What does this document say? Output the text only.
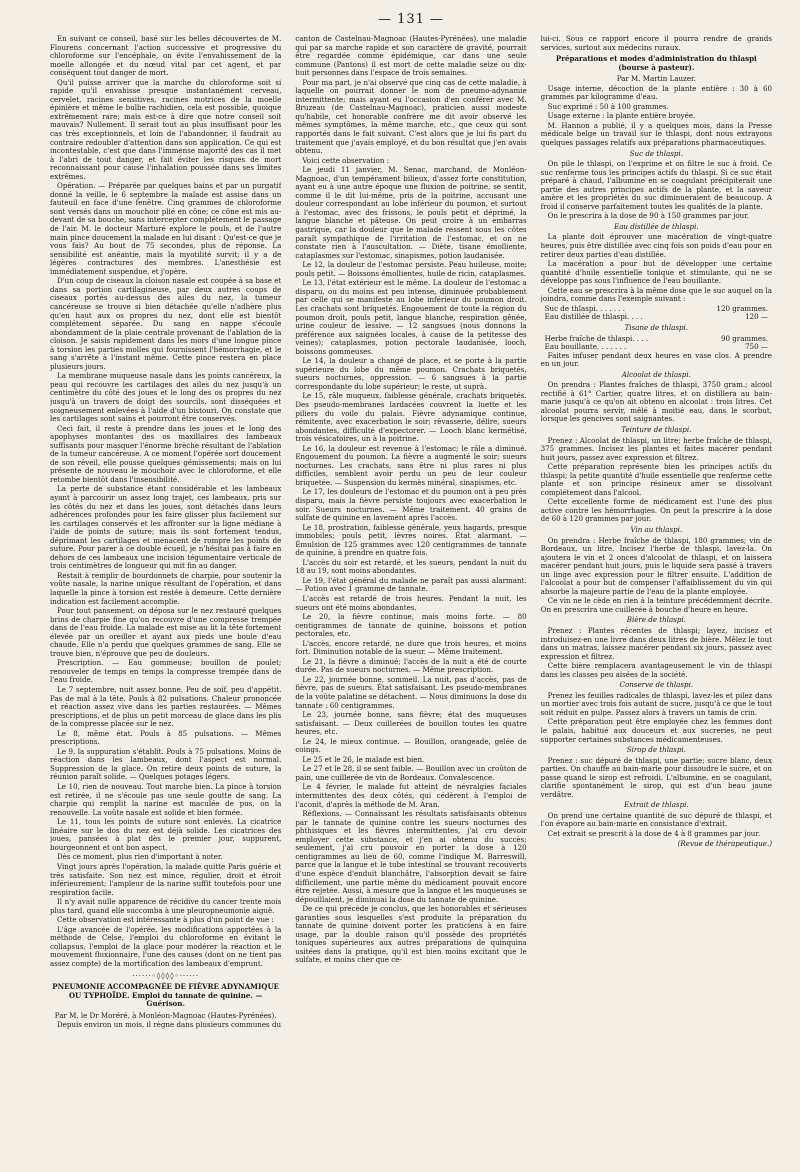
— 131 —

En suivant ce conseil, basé sur les belles découvertes de M. Flourens concernant l'action successive et progressive du chloroforme sur l'encéphale, on évite l'envahissement de la moelle allongée et du nœud vital par cet agent, et par conséquent tout danger de mort.

Qu'il puisse arriver que la marche du chloroforme soit si rapide qu'il envahisse presque instantanément cerveau, cervelet, racines sensitives, racines motrices de la moelle épinière et même le bulbe rachidien, cela est possible, quoique extrêmement rare; mais est-ce à dire que notre conseil soit mauvais? Nullement. Il serait tout au plus insuffisant pour les cas très exceptionnels, et loin de l'abandonner, il faudrait au contraire redoubler d'attention dans son application. Ce qui est incontestable, c'est que dans l'immense majorité des cas il met à l'abri de tout danger, et fait éviter les risques de mort reconnaissant pour cause l'inhalation poussée dans ses limites extrêmes.

Opération. — Préparée par quelques bains et par un purgatif donné la veille, le 6 septembre la malade est assise dans un fauteuil en face d'une fenêtre. Cinq grammes de chloroforme sont versés dans un mouchoir plié en cône; ce cône est mis au-devant de sa bouche, sans intercepter complétement le passage de l'air. M. le docteur Marturé explore le pouls, et de l'autre main pince doucement la malade en lui disant : Qu'est-ce que je vous fais? Au bout de 75 secondes, plus de réponse. La sensibilité est anéantie, mais la myotilité survit; il y a de légères contractures des membres. L'anesthésie est immédiatement suspendue, et j'opère.

D'un coup de ciseaux la cloison nasale est coupée à sa base et dans sa portion cartilagineuse, par deux autres coups de ciseaux portés au-dessus des ailes du nez, la tumeur cancéreuse se trouve si bien détachée qu'elle n'adhère plus qu'en haut aux os propres du nez, dont elle est bientôt complétement séparée. Du sang en nappe s'écoule abondamment de la plaie centrale provenant de l'ablation de la cloison. Je saisis rapidement dans les mors d'une longue pince à torsion les parties molles qui fournissent l'hémorrhagie, et le sang s'arrête à l'instant même. Cette pince restera en place plusieurs jours.

La membrane muqueuse nasale dans les points cancéreux, la peau qui recouvre les cartilages des ailes du nez jusqu'à un centimètre du côté des joues et le long des os propres du nez jusqu'à un travers de doigt des sourcils, sont disséquées et soigneusement enlevées à l'aide d'un bistouri. On constate que les cartilages sont sains et pourront être conservés.

Ceci fait, il reste à prendre dans les joues et le long des apophyses montantes des os maxillaires des lambeaux suffisants pour masquer l'énorme brèche résultant de l'ablation de la tumeur cancéreuse. A ce moment l'opérée sort doucement de son réveil, elle pousse quelques gémissements; mais on lui présente de nouveau le mouchoir avec le chloroforme, et elle retombe bientôt dans l'insensibilité.

La perte de substance étant considérable et les lambeaux ayant à parcourir un assez long trajet, ces lambeaux, pris sur les côtés du nez et dans les joues, sont détachés dans leurs adhérences profondes pour les faire glisser plus facilement sur les cartilages conservés et les affronter sur la ligne médiane à l'aide de points de suture; mais ils sont fortement tendus, déprimant les cartilages et menacent de rompre les points de suture. Pour parer à ce double écueil, je n'hésitai pas à faire en dehors de ces lambeaux une incision tégumentaire verticale de trois centimètres de longueur qui mit fin au danger.

Restait à remplir de bourdonnets de charpie, pour soutenir la voûte nasale, la narine unique résultant de l'opération, et dans laquelle la pince à torsion est restée à demeure. Cette dernière indication est facilement accomplie.

Pour tout pansement, on déposa sur le nez restauré quelques brins de charpie fine qu'on recouvre d'une compresse trempée dans de l'eau froide. La malade est mise au lit la tête fortement élevée par un oreiller et ayant aux pieds une boule d'eau chaude. Elle n'a perdu que quelques grammes de sang. Elle se trouve bien, n'éprouve que peu de douleurs.

Prescription. — Eau gommeuse; bouillon de poulet; renouveler de temps en temps la compresse trempée dans de l'eau froide.

Le 7 septembre, nuit assez bonne. Peu de soif, peu d'appétit. Pas de mal à la tête. Pouls à 82 pulsations. Chaleur prononcée et réaction assez vive dans les parties restaurées. — Mêmes prescriptions, et de plus un petit morceau de glace dans les plis de la compresse placée sur le nez.

Le 8, même état. Pouls à 85 pulsations. — Mêmes prescriptions.

Le 9, la suppuration s'établit. Pouls à 75 pulsations. Moins de réaction dans les lambeaux, dont l'aspect est normal. Suppression de la glace. On retire deux points de suture, la réunion paraît solide. — Quelques potages légers.

Le 10, rien de nouveau. Tout marche bien. La pince à torsion est retirée, il ne s'écoule pas une seule goutte de sang. La charpie qui remplit la narine est maculée de pus, on la renouvelle. La voûte nasale est solide et bien formée.

Le 11, tous les points de suture sont enlevés. La cicatrice linéaire sur le dos du nez est déjà solide. Les cicatrices des joues, pansées à plat dès le premier jour, suppurent, bourgeonnent et ont bon aspect.

Dès ce moment, plus rien d'important à noter.

Vingt jours après l'opération, la malade quitte Paris guérie et très satisfaite. Son nez est mince, régulier, droit et étroit inférieurement; l'ampleur de la narine suffit toutefois pour une respiration facile.

Il n'y avait nulle apparence de récidive du cancer trente mois plus tard, quand elle succomba à une pleuropneumonie aiguë.

Cette observation est intéressante à plus d'un point de vue :

L'âge avancée de l'opérée, les modifications apportées à la méthode de Celse, l'emploi du chloroforme en évitant le collapsus, l'emploi de la glace pour modérer la réaction et le mouvement fluxionnaire, l'une des causes (dont on ne tient pas assez compte) de la mortification des lambeaux d'emprunt.

······◦◊◊◊◊◦······

PNEUMONIE ACCOMPAGNÉE DE FIÈVRE ADYNAMIQUE OU TYPHOÏDE. Emploi du tannate de quinine. — Guérison.

Par M. le Dr Moréré, à Monléon-Magnoac (Hautes-Pyrénées).

Depuis environ un mois, il règne dans plusieurs communes du

canton de Castelnau-Magnoac (Hautes-Pyrénées), une maladie qui par sa marche rapide et son caractère de gravité, pourrait être regardée comme épidémique, car dans une seule commune (Pantons) il est mort de cette maladie seize ou dix-huit personnes dans l'espace de trois semaines.

Pour ma part, je n'ai observé que cinq cas de cette maladie, à laquelle on pourrait donner le nom de pneumo-adynamie intermittente; mais ayant eu l'occasion d'en conférer avec M. Bruzeau (de Castelnau-Magnoac), praticien aussi modeste qu'habile, cet honorable confrère me dit avoir observé les mêmes symptômes, la même marche, etc., que ceux qui sont rapportés dans le fait suivant. C'est alors que je lui fis part du traitement que j'avais employé, et du bon résultat que j'en avais obtenu.

Voici cette observation :

Le jeudi 11 janvier, M. Senac, marchand, de Monléon-Magnoac, d'un tempérament bilieux, d'assez forte constitution, ayant eu à une autre époque une fluxion de poitrine, se sentit, comme il le dit lui-même, pris de la poitrine, accusant une douleur correspondant au lobe inférieur du poumon, et surtout à l'estomac, avec des frissons, le pouls petit et déprimé, la langue blanche et pâteuse. On peut croire à un embarras gastrique, car la douleur que le malade ressent sous les côtes paraît sympathique de l'irritation de l'estomac, et on ne constate rien à l'auscultation. — Diète, tisane émolliente, cataplasmes sur l'estomac, sinapismes, potion laudanisée.

Le 12, la douleur de l'estomac persiste. Peau huileuse, moite; pouls petit. — Boissons émollientes, huile de ricin, cataplasmes.

Le 13, l'état extérieur est le même. La douleur de l'estomac a disparu, ou du moins est peu intense, diminuée probablement par celle qui se manifeste au lobe inférieur du poumon droit. Les crachats sont briquetés. Engouement de toute la région du poumon droit, pouls petit, langue blanche, respiration gênée, urine couleur de lessive. — 12 sangsues (nous donnons la préférence aux saignées locales, à cause de la petitesse des veines); cataplasmes, potion pectorale laudanisée, looch, boissons gommeuses.

Le 14, la douleur a changé de place, et se porte à la partie supérieure du lobe du même poumon. Crachats briquetés, sueurs nocturnes, oppression. — 6 sangsues à la partie correspondante du lobe supérieur; le reste, ut suprà.

Le 15, râle muqueux, faiblesse générale, crachats briquetés. Des pseudo-membranes lardacées couvrent la luette et les piliers du voile du palais. Fièvre adynamique continue, rémitente, avec exacerbation le soir; rêvasserie, délire, sueurs abondantes, difficulté d'expectorer. — Looch blanc kermétisé, trois vésicatoires, un à la poitrine.

Le 16, la douleur est revenue à l'estomac; le râle a diminué. Engouement du poumon. La fièvre a augmenté le soir; sueurs nocturnes. Les crachats, sans être ni plus rares ni plus difficiles, semblent avoir perdu un peu de leur couleur briquetée. — Suspension du kermès minéral, sinapismes, etc.

Le 17, les douleurs de l'estomac et du poumon ont à peu près disparu, mais la fièvre persiste toujours avec exacerbation le soir. Sueurs nocturnes. — Même traitement. 40 grains de sulfate de quinine en lavement après l'accès.

Le 18, prostration, faiblesse générale, yeux hagards, presque immobiles; pouls petit, lèvres noires. État alarmant. — Émulsion de 125 grammes avec 120 centigrammes de tannate de quinine, à prendre en quatre fois.

L'accès du soir est retardé, et les sueurs, pendant la nuit du 18 au 19, sont moins abondantes.

Le 19, l'état général du malade ne paraît pas aussi alarmant. — Potion avec 1 gramme de tannate.

L'accès est retardé de trois heures. Pendant la nuit, les sueurs ont été moins abondantes.

Le 20, la fièvre continue, mais moins forte. — 80 centigrammes de tannate de quinine, boissons et potion pectorales, etc.

L'accès, encore retardé, ne dure que trois heures, et moins fort. Diminution notable de la sueur. — Même traitement.

Le 21, la fièvre a diminué; l'accès de la nuit a été de courte durée. Pas de sueurs nocturnes. — Même prescription.

Le 22, journée bonne, sommeil. La nuit, pas d'accès, pas de fièvre, pas de sueurs. État satisfaisant. Les pseudo-membranes de la voûte palatine se détachent. — Nous diminuons la dose du tannate : 60 centigrammes.

Le 23, journée bonne, sans fièvre; état des muqueuses satisfaisant. — Deux cuillerées de bouillon toutes les quatre heures, etc.

Le 24, le mieux continue. — Bouillon, orangeade, gelée de coings.

Le 25 et le 26, le malade est bien.

Le 27 et le 28, il se sent faible. — Bouillon avec un croûton de pain, une cuillerée de vin de Bordeaux. Convalescence.

Le 4 février, le malade fut atteint de névralgies faciales intermittentes des deux côtés, qui cédèrent à l'emploi de l'aconit, d'après la méthode de M. Aran.

Réflexions. — Connaissant les résultats satisfaisants obtenus par le tannate de quinine contre les sueurs nocturnes des phthisiques et les fièvres intermittentes, j'ai cru devoir employer cette substance, et j'en ai obtenu du succès; seulement, j'ai cru pouvoir en porter la dose à 120 centigrammes au lieu de 60, comme l'indique M. Barreswill, parce que la langue et le tube intestinal se trouvant recouverts d'une espèce d'enduit blanchâtre, l'absorption devait se faire difficilement, une partie même du médicament pouvait encore être rejetée. Aussi, à mesure que la langue et les muqueuses se dépouillaient, je diminuai la dose du tannate de quinine.

De ce qui précède je conclus, que les honorables et sérieuses garanties sous lesquelles s'est produite la préparation du tannate de quinine doivent porter les praticiens à en faire usage, par la double raison qu'il possède des propriétés toniques supérieures aux autres préparations de quinquina usitées dans la pratique, qu'il est bien moins excitant que le sulfate, et moins cher que ce-

lui-ci. Sous ce rapport encore il pourra rendre de grands services, surtout aux médecins ruraux.

Préparations et modes d'administration du thlaspi (bourse à pasteur).

Par M. Martin Lauzer.

Usage interne, décoction de la plante entière : 30 à 60 grammes par kilogramme d'eau.

Suc exprimé : 50 à 100 grammes.

Usage externe : la plante entière broyée.

M. Hannon a publié, il y a quelques mois, dans la Presse médicale belge un travail sur le thlaspi, dont nous extrayons quelques passages relatifs aux préparations pharmaceutiques.

Suc de thlaspi.

On pile le thlaspi, on l'exprime et on filtre le suc à froid. Ce suc renferme tous les principes actifs du thlaspi. Si ce suc était préparé à chaud, l'albumine en se coagulant précipiterait une partie des autres principes actifs de la plante, et la saveur amère et les propriétés du suc diminueraient de beaucoup. A froid il conserve parfaitement toutes les qualités de la plante.

On le prescrira à la dose de 90 à 150 grammes par jour.

Eau distillée de thlaspi.

La plante doit éprouver une macération de vingt-quatre heures, puis être distillée avec cinq fois son poids d'eau pour en retirer deux parties d'eau distillée.

La macération a pour but de développer une certaine quantité d'huile essentielle tonique et stimulante, qui ne se développe pas sous l'influence de l'eau bouillante.

Cette eau se prescrira à la même dose que le suc auquel on la joindra, comme dans l'exemple suivant :

Suc de thlaspi. . . . . . .	120 grammes.
Eau distillée de thlaspi. . . .	120 —

Tisane de thlaspi.

Herbe fraîche de thlaspi. . . .	90 grammes.
Eau bouillante. . . . . . .	750 —

Faites infuser pendant deux heures en vase clos. A prendre en un jour.

Alcoolat de thlaspi.

On prendra : Plantes fraîches de thlaspi, 3750 gram.; alcool rectifié à 61° Cartier, quatre litres, et on distillera au bain-marie jusqu'à ce qu'on ait obtenu en alcoolat : trois litres. Cet alcoolat pourra servir, mêlé à moitié eau, dans le scorbut, lorsque les gencives sont saignantes.

Teinture de thlaspi.

Prenez : Alcoolat de thlaspi, un litre; herbe fraîche de thlaspi, 375 grammes. Incisez les plantes et faites macérer pendant huit jours, passez avec expression et filtrez.

Cette préparation représente bien les principes actifs du thlaspi; la petite quantité d'huile essentielle que renferme cette plante et son principe résineux amer se dissolvant complétement dans l'alcool.

Cette excellente forme de médicament est l'une des plus active contre les hémorrhagies. On peut la prescrire à la dose de 60 à 120 grammes par jour.

Vin au thlaspi.

On prendra : Herbe fraîche de thlaspi, 180 grammes; vin de Bordeaux, un litre. Incisez l'herbe de thlaspi, lavez-la. On ajoutera le vin et 2 onces d'alcoolat de thlaspi, et on laissera macérer pendant huit jours, puis le liquide sera passé à travers un linge avec expression pour le filtrer ensuite. L'addition de l'alcoolat a pour but de compenser l'affaiblissement du vin qui absorbe la majeure partie de l'eau de la plante employée.

Ce vin ne le cède en rien à la teinture précédemment décrite. On en prescrira une cuillerée à bouche d'heure en heure.

Bière de thlaspi.

Prenez : Plantes récentes de thlaspi; layez, incisez et introduisez-en une livre dans deux litres de bière. Mêlez le tout dans un matras, laissez macérer pendant six jours, passez avec expression et filtrez.

Cette bière remplacera avantageusement le vin de thlaspi dans les classes peu aisées de la société.

Conserve de thlaspi.

Prenez les feuilles radicales de thlaspi, lavez-les et pilez dans un mortier avec trois fois autant de sucre, jusqu'à ce que le tout soit réduit en pulpe. Passez alors à travers un tamis de crin.

Cette préparation peut être employée chez les femmes dont le palais, habitué aux douceurs et aux sucreries, ne peut supporter certaines substances médicamenteuses.

Sirop de thlaspi.

Prenez : suc dépuré de thlaspi, une partie; sucre blanc, deux parties. On chauffe au bain-marie pour dissoudre le sucre, et on passe quand le sirop est refroidi. L'albumine, en se coagulant, clarifie spontanément le sirop, qui est d'un beau jaune verdâtre.

Extrait de thlaspi.

On prend une certaine quantité de suc dépuré de thlaspi, et l'on évapore au bain-marie en consistance d'extrait.

Cet extrait se prescrit à la dose de 4 à 8 grammes par jour.

(Revue de thérapeutique.)
